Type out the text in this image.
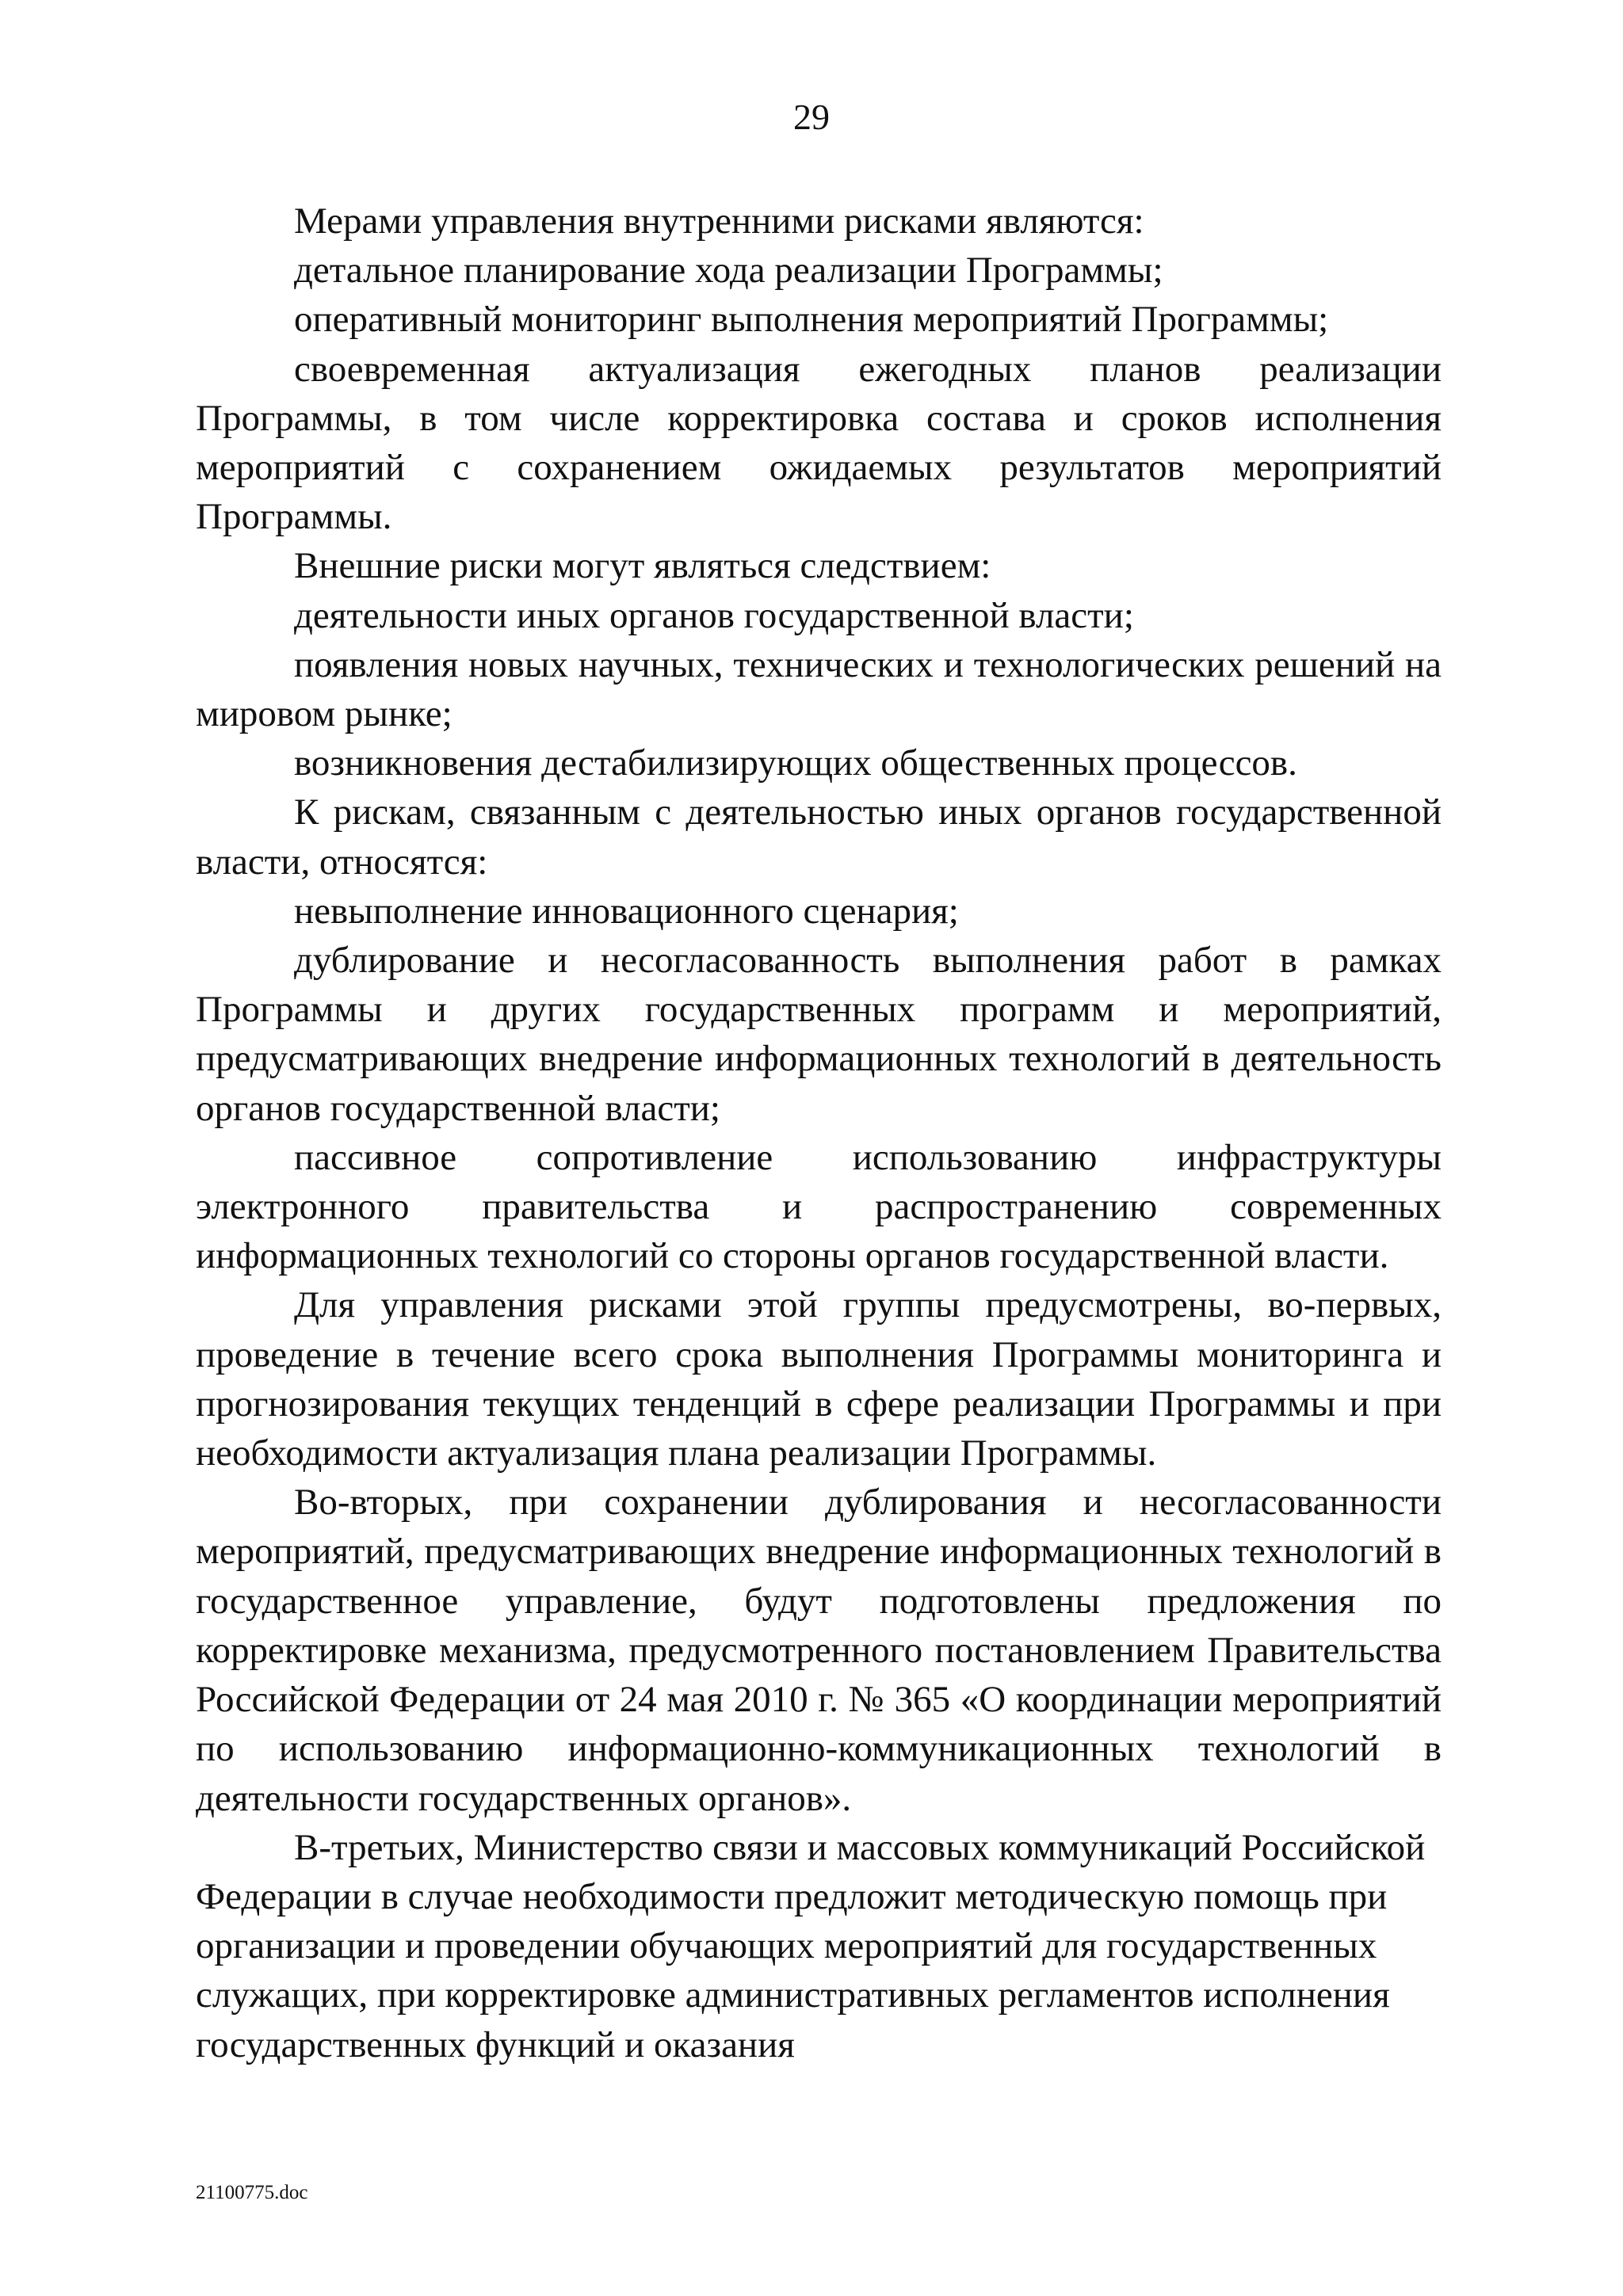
29

Мерами управления внутренними рисками являются:

детальное планирование хода реализации Программы;

оперативный мониторинг выполнения мероприятий Программы;

своевременная актуализация ежегодных планов реализации Программы, в том числе корректировка состава и сроков исполнения мероприятий с сохранением ожидаемых результатов мероприятий Программы.

Внешние риски могут являться следствием:

деятельности иных органов государственной власти;

появления новых научных, технических и технологических решений на мировом рынке;

возникновения дестабилизирующих общественных процессов.

К рискам, связанным с деятельностью иных органов государственной власти, относятся:

невыполнение инновационного сценария;

дублирование и несогласованность выполнения работ в рамках Программы и других государственных программ и мероприятий, предусматривающих внедрение информационных технологий в деятельность органов государственной власти;

пассивное сопротивление использованию инфраструктуры электронного правительства и распространению современных информационных технологий со стороны органов государственной власти.

Для управления рисками этой группы предусмотрены, во-первых, проведение в течение всего срока выполнения Программы мониторинга и прогнозирования текущих тенденций в сфере реализации Программы и при необходимости актуализация плана реализации Программы.

Во-вторых, при сохранении дублирования и несогласованности мероприятий, предусматривающих внедрение информационных технологий в государственное управление, будут подготовлены предложения по корректировке механизма, предусмотренного постановлением Правительства Российской Федерации от 24 мая 2010 г. № 365 «О координации мероприятий по использованию информационно-коммуникационных технологий в деятельности государственных органов».

В-третьих, Министерство связи и массовых коммуникаций Российской Федерации в случае необходимости предложит методическую помощь при организации и проведении обучающих мероприятий для государственных служащих, при корректировке административных регламентов исполнения государственных функций и оказания

21100775.doc
